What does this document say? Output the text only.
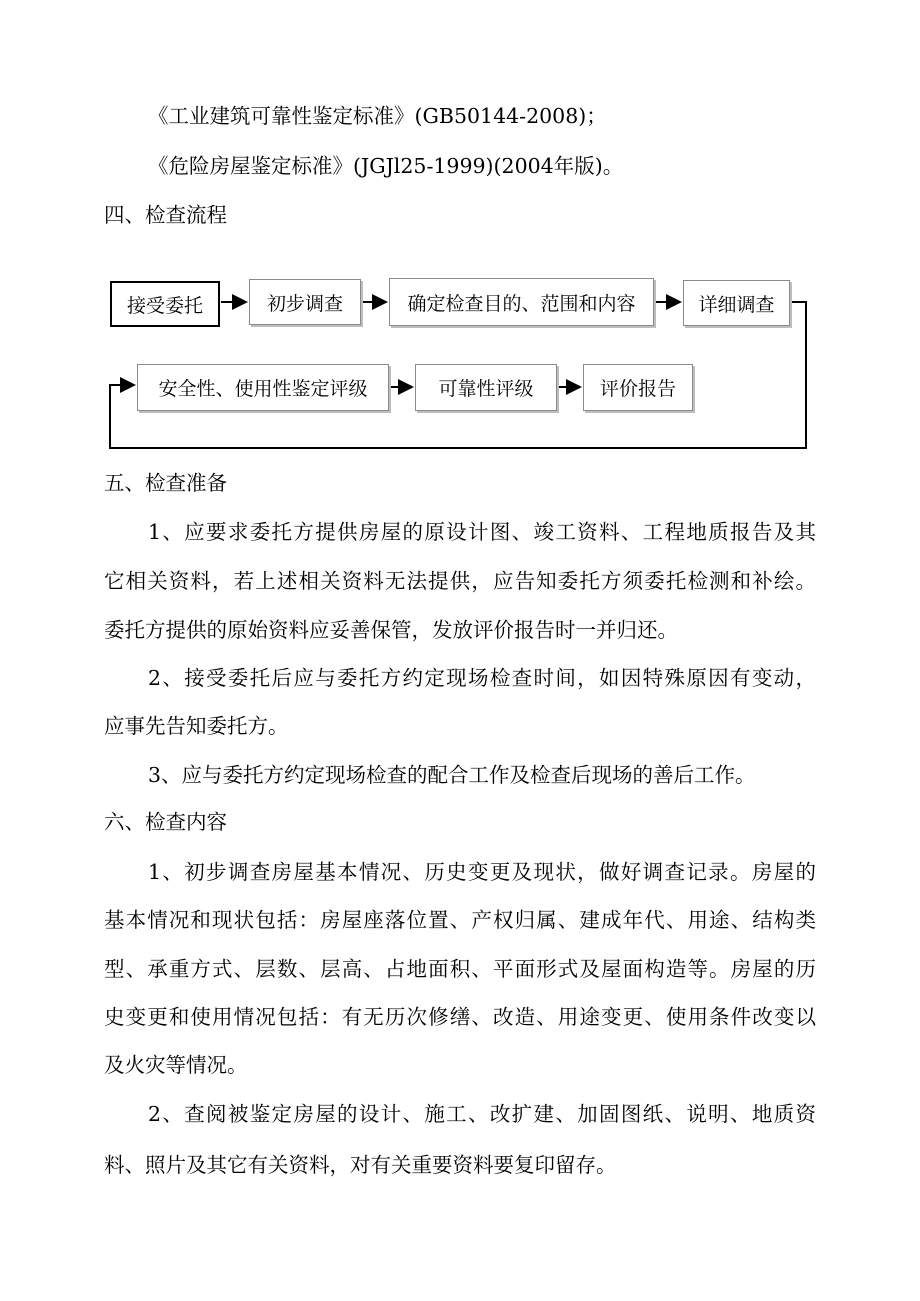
《工业建筑可靠性鉴定标准》(GB50144-2008)；
《危险房屋鉴定标准》(JGJl25-1999)(2004年版)。
四、检查流程
接受委托	初步调查	确定检查目的、范围和内容	详细调查
安全性、使用性鉴定评级	可靠性评级	评价报告
五、检查准备
1、应要求委托方提供房屋的原设计图、竣工资料、工程地质报告及其
它相关资料，若上述相关资料无法提供，应告知委托方须委托检测和补绘。
委托方提供的原始资料应妥善保管，发放评价报告时一并归还。
2、接受委托后应与委托方约定现场检查时间，如因特殊原因有变动，
应事先告知委托方。
3、应与委托方约定现场检查的配合工作及检查后现场的善后工作。
六、检查内容
1、初步调查房屋基本情况、历史变更及现状，做好调查记录。房屋的
基本情况和现状包括：房屋座落位置、产权归属、建成年代、用途、结构类
型、承重方式、层数、层高、占地面积、平面形式及屋面构造等。房屋的历
史变更和使用情况包括：有无历次修缮、改造、用途变更、使用条件改变以
及火灾等情况。
2、查阅被鉴定房屋的设计、施工、改扩建、加固图纸、说明、地质资
料、照片及其它有关资料，对有关重要资料要复印留存。
